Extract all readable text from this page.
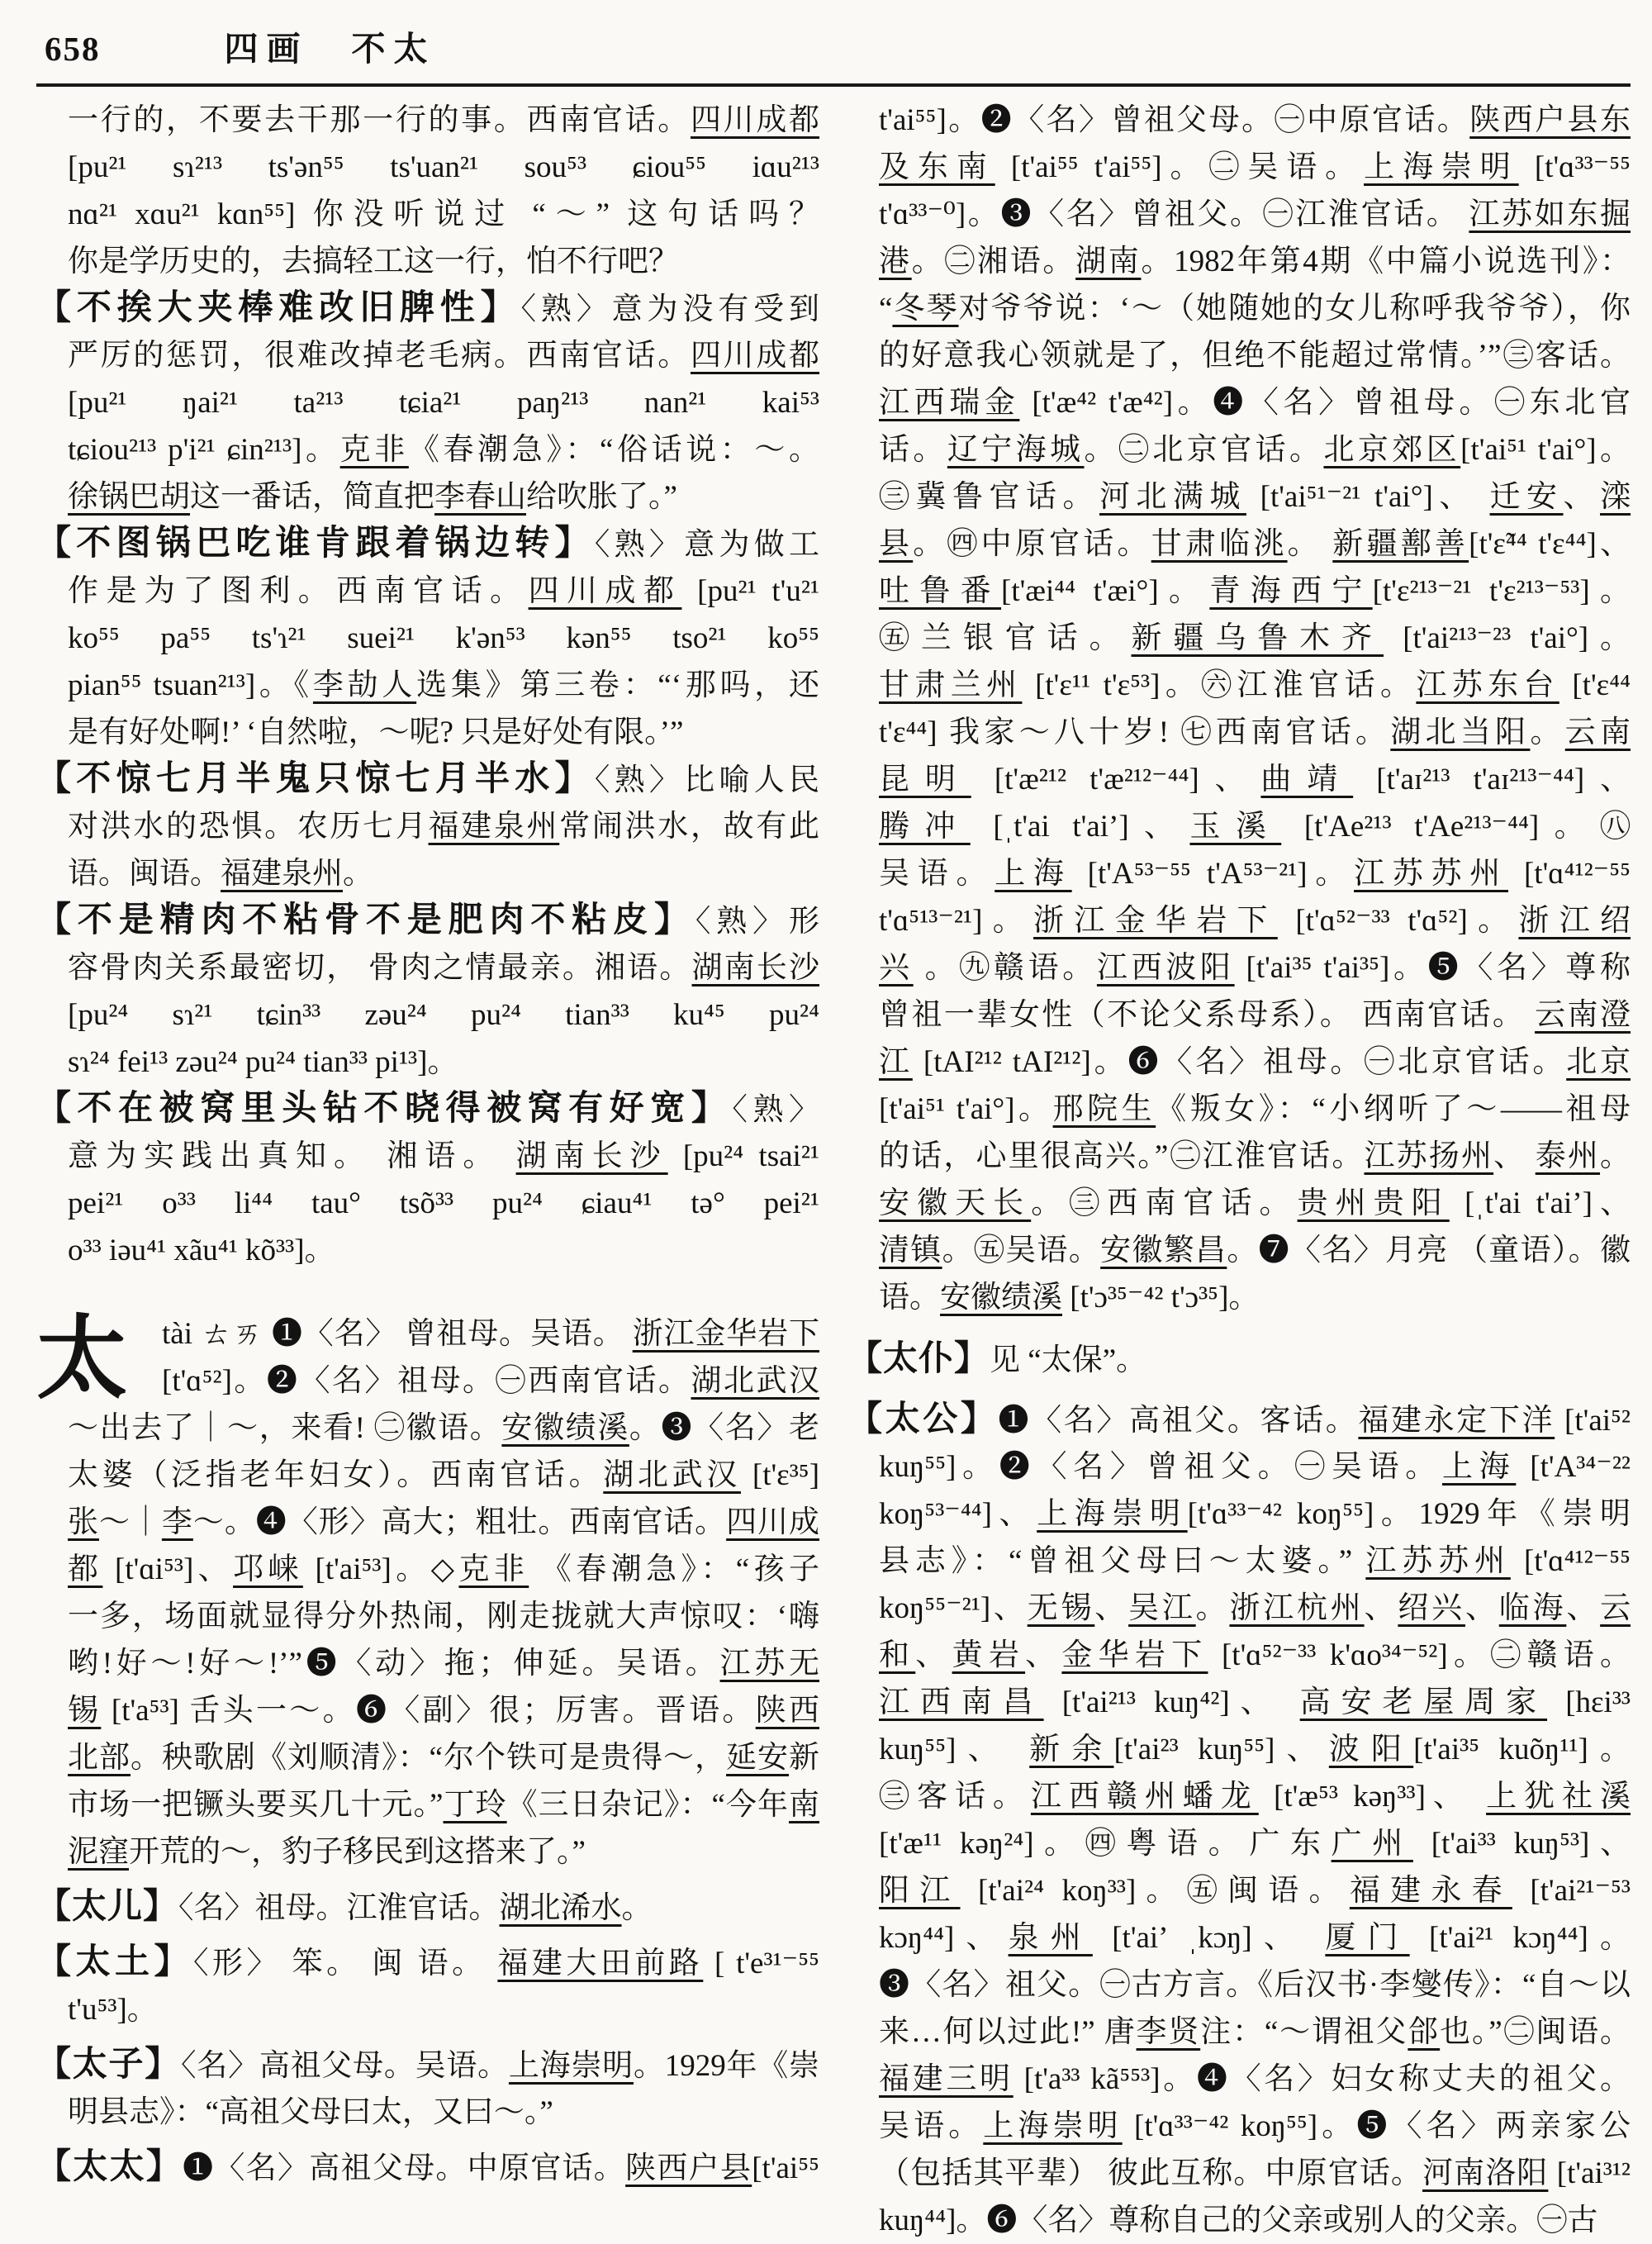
658	四画 不太
一行的，不要去干那一行的事。西南官话。四川成都
[pu²¹ sɿ²¹³ ts'ən⁵⁵ ts'uan²¹ sou⁵³ ɕiou⁵⁵ iɑu²¹³
nɑ²¹ xɑu²¹ kɑn⁵⁵] 你没听说过 “～” 这句话吗？
你是学历史的，去搞轻工这一行，怕不行吧？
【不挨大夹棒难改旧脾性】〈熟〉意为没有受到
严厉的惩罚，很难改掉老毛病。西南官话。四川成都
[pu²¹ ŋai²¹ ta²¹³ tɕia²¹ paŋ²¹³ nan²¹ kai⁵³
tɕiou²¹³ p'i²¹ ɕin²¹³]。克非《春潮急》：“俗话说：～。
徐锅巴胡这一番话，简直把李春山给吹胀了。”
【不图锅巴吃谁肯跟着锅边转】〈熟〉意为做工
作是为了图利。西南官话。四川成都 [pu²¹ t'u²¹
ko⁵⁵ pa⁵⁵ ts'ɿ²¹ suei²¹ k'ən⁵³ kən⁵⁵ tso²¹ ko⁵⁵
pian⁵⁵ tsuan²¹³]。《李劼人选集》第三卷：“‘那吗，还
是有好处啊!’ ‘自然啦，～呢? 只是好处有限。’”
【不惊七月半鬼只惊七月半水】〈熟〉比喻人民
对洪水的恐惧。农历七月福建泉州常闹洪水，故有此
语。闽语。福建泉州。
【不是精肉不粘骨不是肥肉不粘皮】〈熟〉形
容骨肉关系最密切， 骨肉之情最亲。湘语。湖南长沙
[pu²⁴ sɿ²¹ tɕin³³ zəu²⁴ pu²⁴ tian³³ ku⁴⁵ pu²⁴
sɿ²⁴ fei¹³ zəu²⁴ pu²⁴ tian³³ pi¹³]。
【不在被窝里头钻不晓得被窝有好宽】〈熟〉
意为实践出真知。 湘语。 湖南长沙 [pu²⁴ tsai²¹
pei²¹ o³³ li⁴⁴ tau° tsõ³³ pu²⁴ ɕiau⁴¹ tə° pei²¹
o³³ iəu⁴¹ xãu⁴¹ kõ³³]。
太	tài ㄊㄞ ❶〈名〉 曾祖母。吴语。 浙江金华岩下
[t'ɑ⁵²]。❷〈名〉祖母。㊀西南官话。湖北武汉
～出去了｜～，来看! ㊁徽语。安徽绩溪。❸〈名〉老
太婆（泛指老年妇女）。西南官话。湖北武汉 [t'ɛ³⁵]
张～｜李～。❹〈形〉高大；粗壮。西南官话。四川成
都 [t'ɑi⁵³]、邛崃 [t'ai⁵³]。◇克非 《春潮急》：“孩子
一多，场面就显得分外热闹，刚走拢就大声惊叹：‘嗨
哟!好～!好～!’”❺〈动〉拖；伸延。吴语。江苏无
锡 [t'a⁵³] 舌头一～。❻〈副〉很；厉害。晋语。陕西
北部。秧歌剧《刘顺清》：“尔个铁可是贵得～，延安新
市场一把镢头要买几十元。”丁玲《三日杂记》：“今年南
泥窪开荒的～，豹子移民到这搭来了。”
【太儿】〈名〉祖母。江淮官话。湖北浠水。
【太土】〈形〉 笨。 闽 语。 福建大田前路 [ t'e³¹⁻⁵⁵
t'u⁵³]。
【太子】〈名〉高祖父母。吴语。上海崇明。1929年《崇
明县志》：“高祖父母曰太，又曰～。”
【太太】❶〈名〉高祖父母。中原官话。陕西户县[t'ai⁵⁵
t'ai⁵⁵]。❷〈名〉曾祖父母。㊀中原官话。陕西户县东
及东南 [t'ai⁵⁵ t'ai⁵⁵]。㊁吴语。上海崇明 [t'ɑ³³⁻⁵⁵
t'ɑ³³⁻⁰]。❸〈名〉曾祖父。㊀江淮官话。 江苏如东掘
港。㊁湘语。湖南。1982年第4期《中篇小说选刊》：
“冬琴对爷爷说：‘～（她随她的女儿称呼我爷爷），你
的好意我心领就是了，但绝不能超过常情。’”㊂客话。
江西瑞金 [t'æ⁴² t'æ⁴²]。❹〈名〉曾祖母。㊀东北官
话。辽宁海城。㊁北京官话。北京郊区[t'ai⁵¹ t'ai°]。
㊂冀鲁官话。河北满城 [t'ai⁵¹⁻²¹ t'ai°]、 迁安、滦
县。㊃中原官话。甘肃临洮。 新疆鄯善[t'ɛ̃⁴⁴ t'ɛ⁴⁴]、
吐鲁番[t'æi⁴⁴ t'æi°]。青海西宁[t'ɛ²¹³⁻²¹ t'ɛ²¹³⁻⁵³]。
㊄兰银官话。新疆乌鲁木齐 [t'ai²¹³⁻²³ t'ai°]。
甘肃兰州 [t'ɛ¹¹ t'ɛ⁵³]。㊅江淮官话。江苏东台 [t'ɛ⁴⁴
t'ɛ⁴⁴] 我家～八十岁! ㊆西南官话。湖北当阳。云南
昆明 [t'æ²¹² t'æ²¹²⁻⁴⁴]、曲靖 [t'aɪ²¹³ t'aɪ²¹³⁻⁴⁴]、
腾冲 [ˌt'ai t'aiʼ]、玉溪 [t'Ae²¹³ t'Ae²¹³⁻⁴⁴]。㊇
吴语。上海 [t'A⁵³⁻⁵⁵ t'A⁵³⁻²¹]。江苏苏州 [t'ɑ⁴¹²⁻⁵⁵
t'ɑ⁵¹³⁻²¹]。浙江金华岩下 [t'ɑ⁵²⁻³³ t'ɑ⁵²]。浙江绍
兴 。㊈赣语。江西波阳 [t'ai³⁵ t'ai³⁵]。❺〈名〉尊称
曾祖一辈女性（不论父系母系）。 西南官话。 云南澄
江 [tAI²¹² tAI²¹²]。❻〈名〉祖母。㊀北京官话。北京
[t'ai⁵¹ t'ai°]。邢院生《叛女》：“小纲听了～——祖母
的话，心里很高兴。”㊁江淮官话。江苏扬州、 泰州。
安徽天长。㊂西南官话。贵州贵阳 [ˌt'ai t'aiʼ]、
清镇。㊄吴语。安徽繁昌。❼〈名〉月亮 （童语）。徽
语。安徽绩溪 [t'ɔ³⁵⁻⁴² t'ɔ³⁵]。
【太仆】见 “太保”。
【太公】❶〈名〉高祖父。客话。福建永定下洋 [t'ai⁵²
kuŋ⁵⁵]。❷〈名〉曾祖父。㊀吴语。上海 [t'A³⁴⁻²²
koŋ⁵³⁻⁴⁴]、上海崇明[t'ɑ³³⁻⁴² koŋ⁵⁵]。1929年《崇明
县志》：“曾祖父母曰～太婆。” 江苏苏州 [t'ɑ⁴¹²⁻⁵⁵
koŋ⁵⁵⁻²¹]、无锡、吴江。浙江杭州、绍兴、临海、云
和、黄岩、金华岩下 [t'ɑ⁵²⁻³³ k'ɑo³⁴⁻⁵²]。㊁赣语。
江西南昌 [t'ai²¹³ kuŋ⁴²]、 高安老屋周家 [hɛi³³
kuŋ⁵⁵]、 新余[t'ai²³ kuŋ⁵⁵]、波阳[t'ai³⁵ kuõŋ¹¹]。
㊂客话。江西赣州蟠龙 [t'æ⁵³ kəŋ³³]、 上犹社溪
[t'æ¹¹ kəŋ²⁴]。㊃粤语。广东广州 [t'ai³³ kuŋ⁵³]、
阳江 [t'ai²⁴ koŋ³³]。㊄闽语。福建永春 [t'ai²¹⁻⁵³
kɔŋ⁴⁴]、泉州 [t'aiʼ ˌkɔŋ]、 厦门 [t'ai²¹ kɔŋ⁴⁴]。
❸〈名〉祖父。㊀古方言。《后汉书·李燮传》：“自～以
来…何以过此!” 唐李贤注：“～谓祖父郃也。”㊁闽语。
福建三明 [t'a³³ kã⁵⁵³]。❹〈名〉妇女称丈夫的祖父。
吴语。上海崇明 [t'ɑ³³⁻⁴² koŋ⁵⁵]。❺〈名〉两亲家公
（包括其平辈） 彼此互称。中原官话。河南洛阳 [t'ai³¹²
kuŋ⁴⁴]。❻〈名〉尊称自己的父亲或别人的父亲。㊀古
